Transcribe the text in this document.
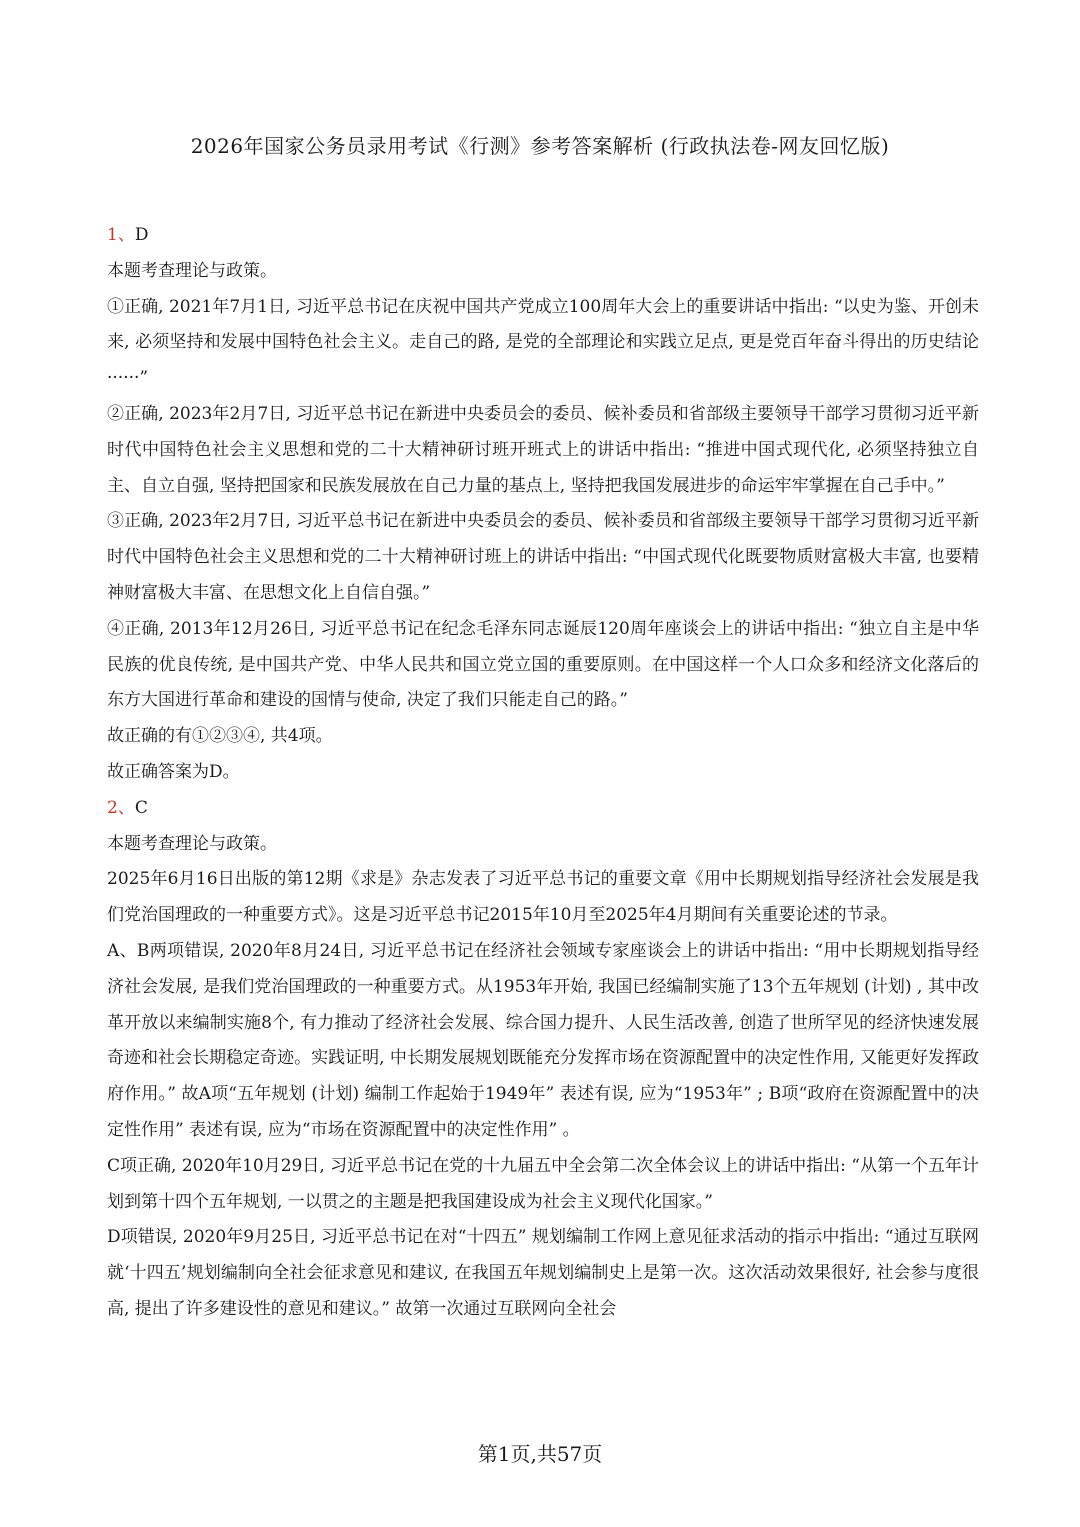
2026年国家公务员录用考试《行测》参考答案解析 (行政执法卷-网友回忆版)

1、D

本题考查理论与政策。

①正确, 2021年7月1日, 习近平总书记在庆祝中国共产党成立100周年大会上的重要讲话中指出: “以史为鉴、开创未来, 必须坚持和发展中国特色社会主义。走自己的路, 是党的全部理论和实践立足点, 更是党百年奋斗得出的历史结论······”

②正确, 2023年2月7日, 习近平总书记在新进中央委员会的委员、候补委员和省部级主要领导干部学习贯彻习近平新时代中国特色社会主义思想和党的二十大精神研讨班开班式上的讲话中指出: “推进中国式现代化, 必须坚持独立自主、自立自强, 坚持把国家和民族发展放在自己力量的基点上, 坚持把我国发展进步的命运牢牢掌握在自己手中。”

③正确, 2023年2月7日, 习近平总书记在新进中央委员会的委员、候补委员和省部级主要领导干部学习贯彻习近平新时代中国特色社会主义思想和党的二十大精神研讨班上的讲话中指出: “中国式现代化既要物质财富极大丰富, 也要精神财富极大丰富、在思想文化上自信自强。”

④正确, 2013年12月26日, 习近平总书记在纪念毛泽东同志诞辰120周年座谈会上的讲话中指出: “独立自主是中华民族的优良传统, 是中国共产党、中华人民共和国立党立国的重要原则。在中国这样一个人口众多和经济文化落后的东方大国进行革命和建设的国情与使命, 决定了我们只能走自己的路。”

故正确的有①②③④, 共4项。

故正确答案为D。

2、C

本题考查理论与政策。

2025年6月16日出版的第12期《求是》杂志发表了习近平总书记的重要文章《用中长期规划指导经济社会发展是我们党治国理政的一种重要方式》。这是习近平总书记2015年10月至2025年4月期间有关重要论述的节录。

A、B两项错误, 2020年8月24日, 习近平总书记在经济社会领域专家座谈会上的讲话中指出: “用中长期规划指导经济社会发展, 是我们党治国理政的一种重要方式。从1953年开始, 我国已经编制实施了13个五年规划 (计划) , 其中改革开放以来编制实施8个, 有力推动了经济社会发展、综合国力提升、人民生活改善, 创造了世所罕见的经济快速发展奇迹和社会长期稳定奇迹。实践证明, 中长期发展规划既能充分发挥市场在资源配置中的决定性作用, 又能更好发挥政府作用。” 故A项“五年规划 (计划) 编制工作起始于1949年” 表述有误, 应为“1953年” ; B项“政府在资源配置中的决定性作用” 表述有误, 应为“市场在资源配置中的决定性作用” 。

C项正确, 2020年10月29日, 习近平总书记在党的十九届五中全会第二次全体会议上的讲话中指出: “从第一个五年计划到第十四个五年规划, 一以贯之的主题是把我国建设成为社会主义现代化国家。”

D项错误, 2020年9月25日, 习近平总书记在对“十四五” 规划编制工作网上意见征求活动的指示中指出: “通过互联网就‘十四五’规划编制向全社会征求意见和建议, 在我国五年规划编制史上是第一次。这次活动效果很好, 社会参与度很高, 提出了许多建设性的意见和建议。” 故第一次通过互联网向全社会

第1页,共57页
